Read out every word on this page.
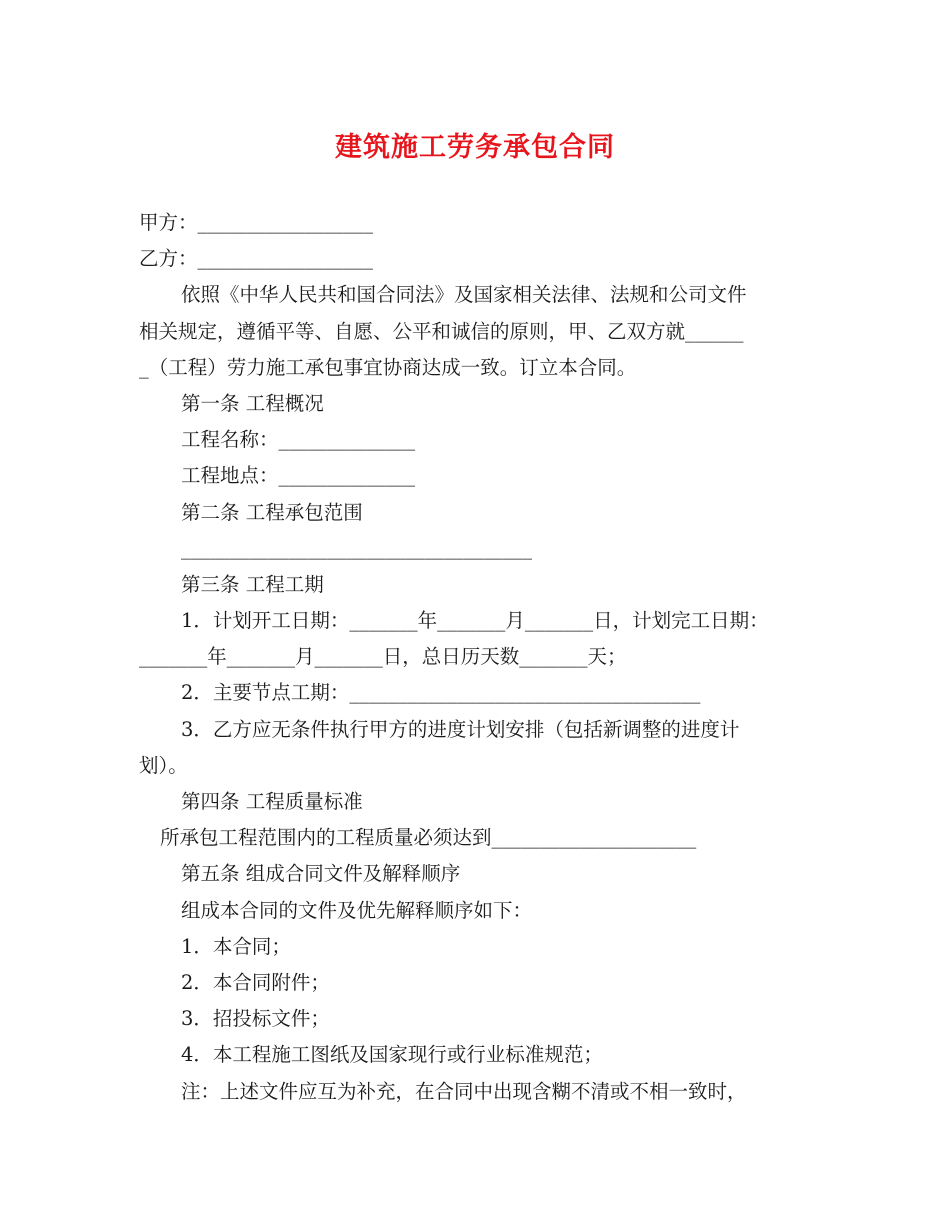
建筑施工劳务承包合同
甲方：__________________
乙方：__________________
依照《中华人民共和国合同法》及国家相关法律、法规和公司文件
相关规定，遵循平等、自愿、公平和诚信的原则，甲、乙双方就______
_（工程）劳力施工承包事宜协商达成一致。订立本合同。
第一条 工程概况
工程名称：______________
工程地点：______________
第二条 工程承包范围
____________________________________
第三条 工程工期
1．计划开工日期：_______年_______月_______日，计划完工日期：
_______年_______月_______日，总日历天数_______天；
2．主要节点工期：____________________________________
3．乙方应无条件执行甲方的进度计划安排（包括新调整的进度计
划）。
第四条 工程质量标准
所承包工程范围内的工程质量必须达到_____________________
第五条 组成合同文件及解释顺序
组成本合同的文件及优先解释顺序如下：
1．本合同；
2．本合同附件；
3．招投标文件；
4．本工程施工图纸及国家现行或行业标准规范；
注：上述文件应互为补充，在合同中出现含糊不清或不相一致时，
